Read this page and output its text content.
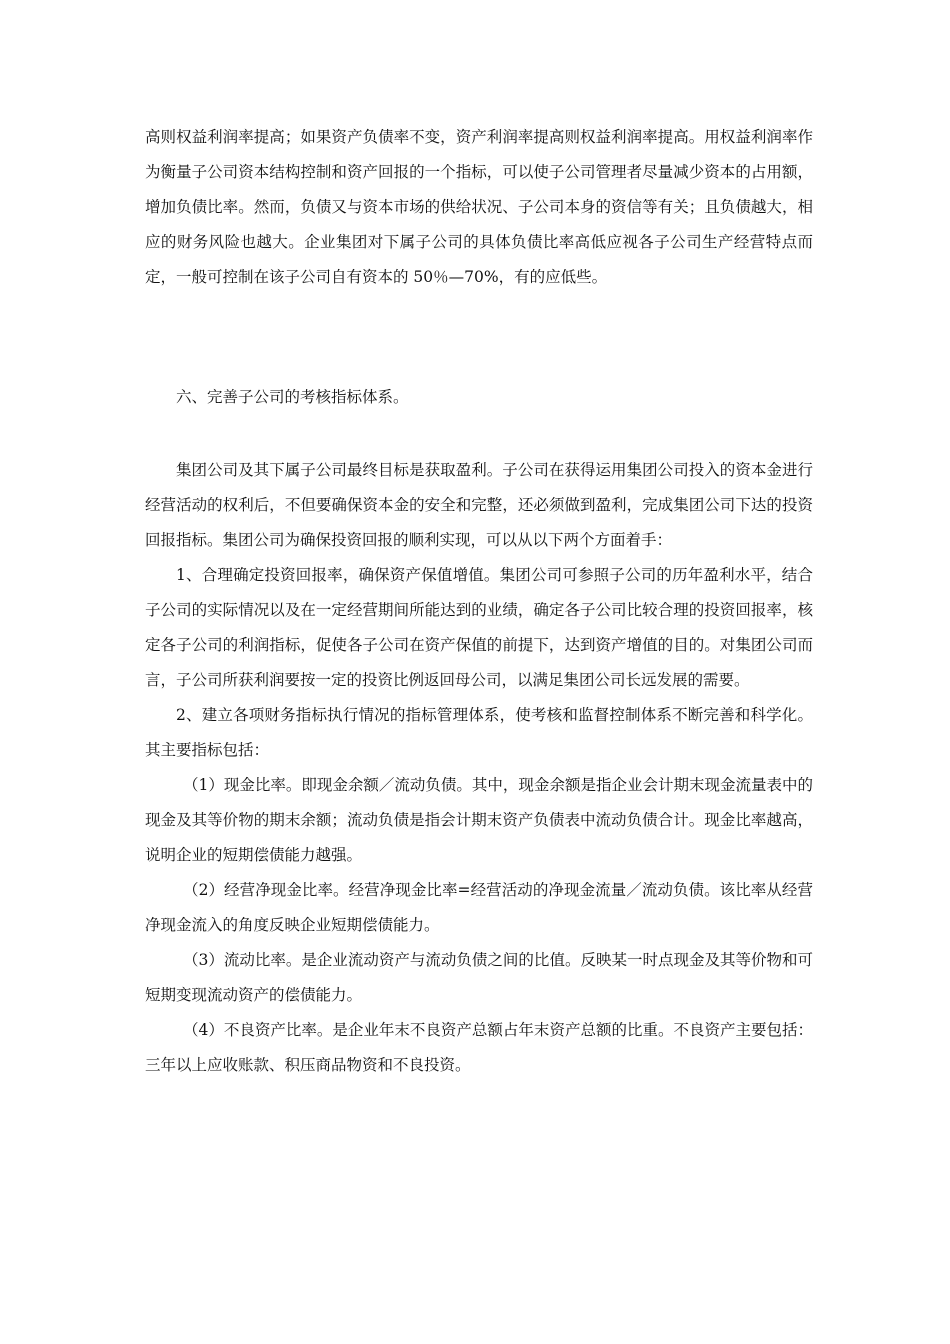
高则权益利润率提高；如果资产负债率不变，资产利润率提高则权益利润率提高。用权益利润率作为衡量子公司资本结构控制和资产回报的一个指标，可以使子公司管理者尽量减少资本的占用额，增加负债比率。然而，负债又与资本市场的供给状况、子公司本身的资信等有关；且负债越大，相应的财务风险也越大。企业集团对下属子公司的具体负债比率高低应视各子公司生产经营特点而定，一般可控制在该子公司自有资本的 50％—70%，有的应低些。

六、完善子公司的考核指标体系。

集团公司及其下属子公司最终目标是获取盈利。子公司在获得运用集团公司投入的资本金进行经营活动的权利后，不但要确保资本金的安全和完整，还必须做到盈利，完成集团公司下达的投资回报指标。集团公司为确保投资回报的顺利实现，可以从以下两个方面着手：

1、合理确定投资回报率，确保资产保值增值。集团公司可参照子公司的历年盈利水平，结合子公司的实际情况以及在一定经营期间所能达到的业绩，确定各子公司比较合理的投资回报率，核定各子公司的利润指标，促使各子公司在资产保值的前提下，达到资产增值的目的。对集团公司而言，子公司所获利润要按一定的投资比例返回母公司，以满足集团公司长远发展的需要。

2、建立各项财务指标执行情况的指标管理体系，使考核和监督控制体系不断完善和科学化。其主要指标包括：

（1）现金比率。即现金余额／流动负债。其中，现金余额是指企业会计期末现金流量表中的现金及其等价物的期末余额；流动负债是指会计期末资产负债表中流动负债合计。现金比率越高，说明企业的短期偿债能力越强。

（2）经营净现金比率。经营净现金比率=经营活动的净现金流量／流动负债。该比率从经营净现金流入的角度反映企业短期偿债能力。

（3）流动比率。是企业流动资产与流动负债之间的比值。反映某一时点现金及其等价物和可短期变现流动资产的偿债能力。

（4）不良资产比率。是企业年末不良资产总额占年末资产总额的比重。不良资产主要包括：三年以上应收账款、积压商品物资和不良投资。
